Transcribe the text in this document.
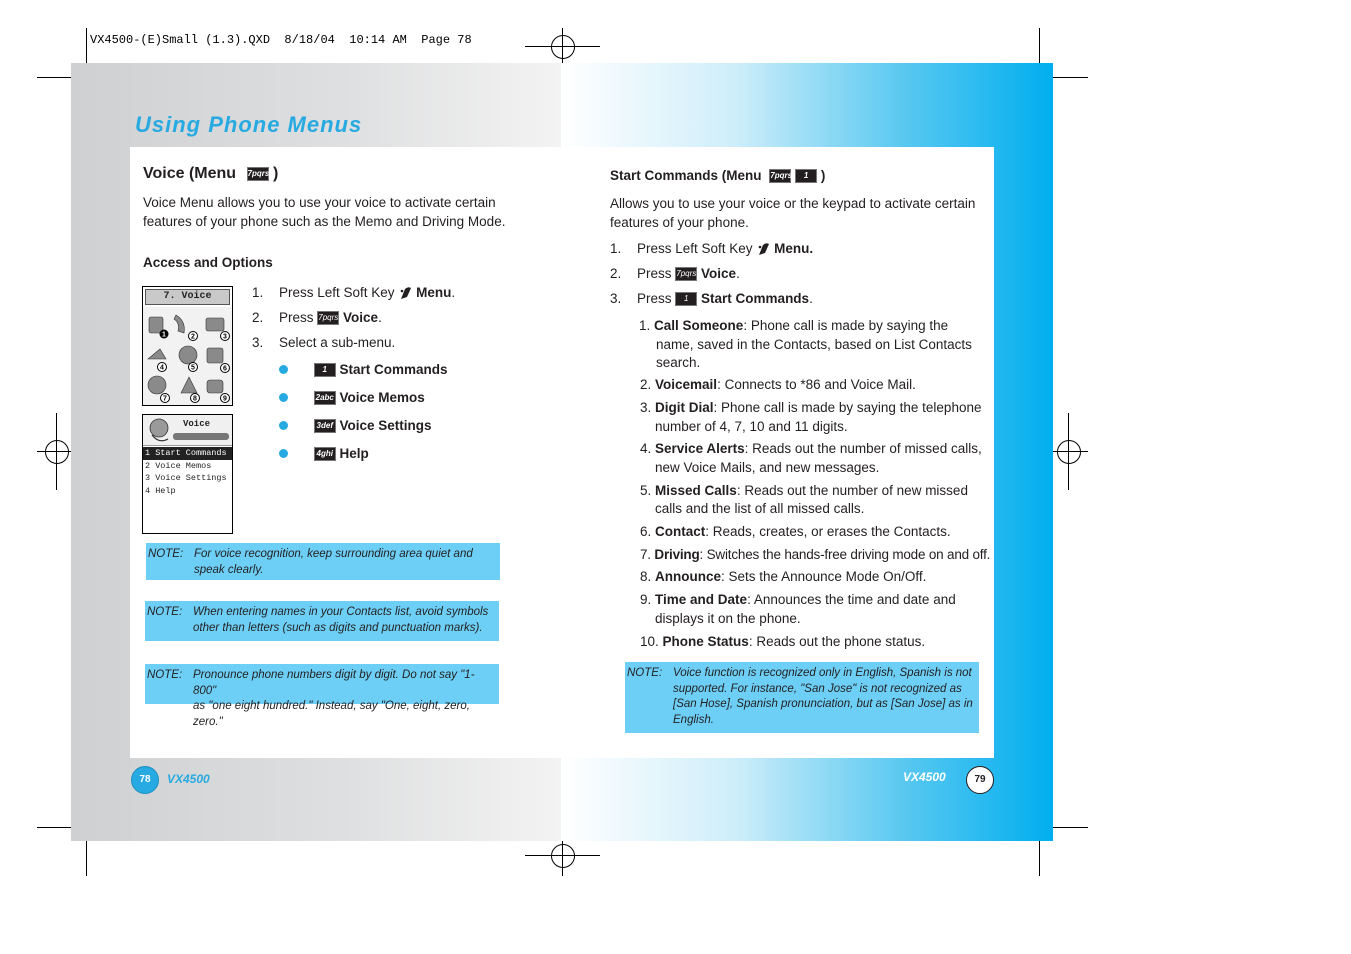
VX4500-(E)Small (1.3).QXD  8/18/04  10:14 AM  Page 78
Using Phone Menus
Voice (Menu 7pqrs )
Voice Menu allows you to use your voice to activate certain
features of your phone such as the Memo and Driving Mode.
Access and Options
7. Voice
1	2	3
4	5	6
7	8	9
Voice
1 Start Commands
2 Voice Memos
3 Voice Settings
4 Help
1. Press Left Soft Key Menu.
2. Press 7pqrs Voice.
3. Select a sub-menu.
1 Start Commands
2abc Voice Memos
3def Voice Settings
4ghi Help
NOTE: For voice recognition, keep surrounding area quiet and
speak clearly.
NOTE: When entering names in your Contacts list, avoid symbols
other than letters (such as digits and punctuation marks).
NOTE: Pronounce phone numbers digit by digit. Do not say "1-800"
as "one eight hundred." Instead, say "One, eight, zero, zero."
78	VX4500
Start Commands (Menu 7pqrs 1 )
Allows you to use your voice or the keypad to activate certain
features of your phone.
1. Press Left Soft Key Menu.
2. Press 7pqrs Voice.
3. Press 1 Start Commands.
1. Call Someone: Phone call is made by saying the
name, saved in the Contacts, based on List Contacts
search.
2. Voicemail: Connects to *86 and Voice Mail.
3. Digit Dial: Phone call is made by saying the telephone
number of 4, 7, 10 and 11 digits.
4. Service Alerts: Reads out the number of missed calls,
new Voice Mails, and new messages.
5. Missed Calls: Reads out the number of new missed
calls and the list of all missed calls.
6. Contact: Reads, creates, or erases the Contacts.
7. Driving: Switches the hands-free driving mode on and off.
8. Announce: Sets the Announce Mode On/Off.
9. Time and Date: Announces the time and date and
displays it on the phone.
10. Phone Status: Reads out the phone status.
NOTE: Voice function is recognized only in English, Spanish is not
supported. For instance, "San Jose" is not recognized as
[San Hose], Spanish pronunciation, but as [San Jose] as in
English.
VX4500	79
